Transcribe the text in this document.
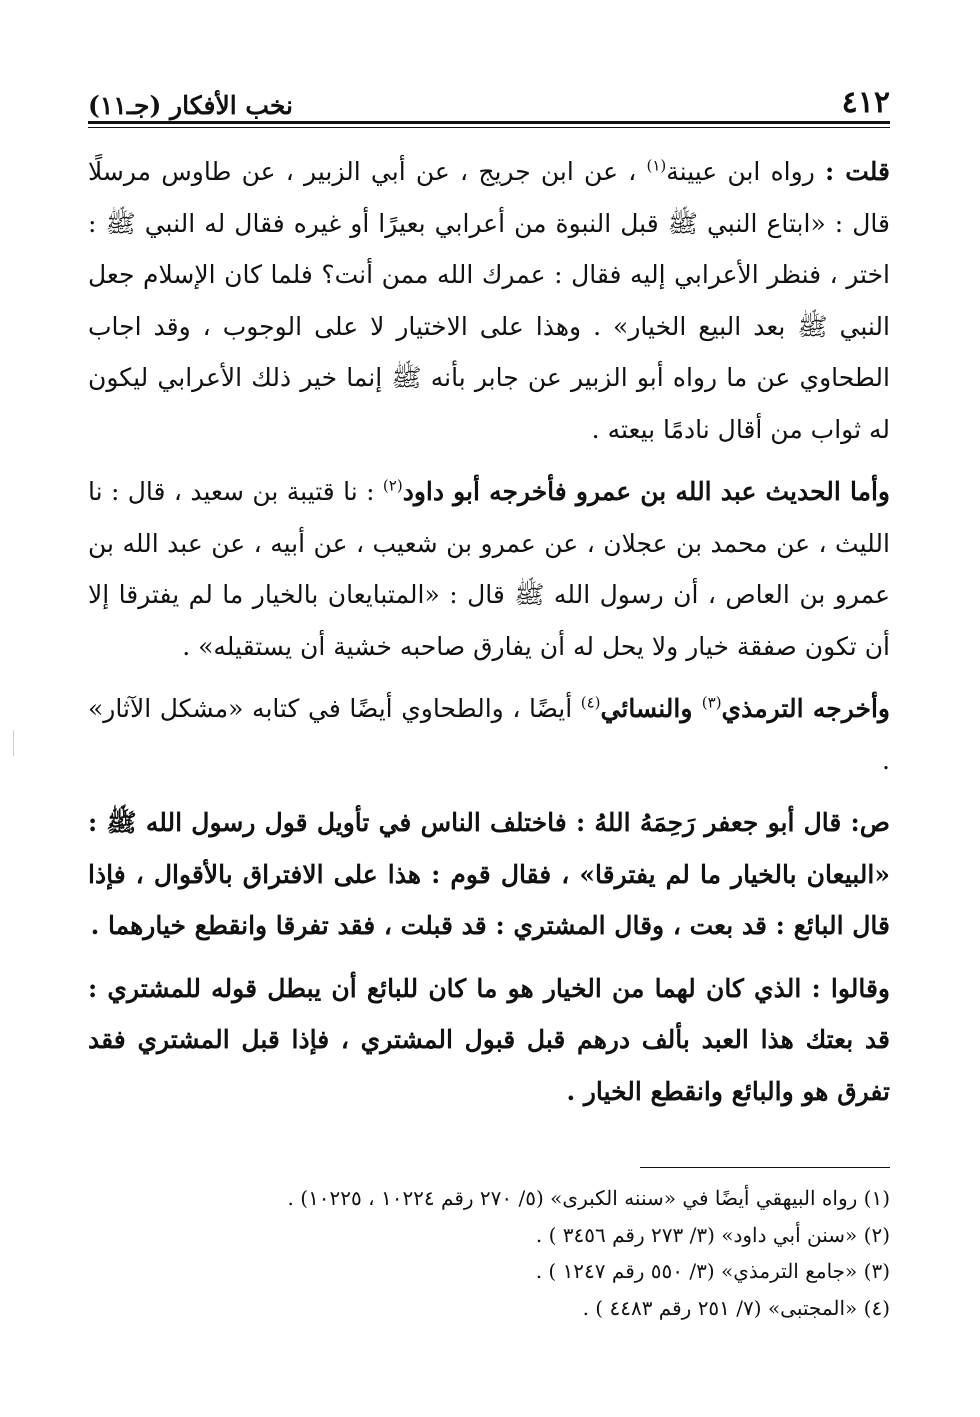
٤١٢
نخب الأفكار (جـ١١)

قلت : رواه ابن عيينة$^{(١)}$ ، عن ابن جريج ، عن أبي الزبير ، عن طاوس مرسلًا قال : «ابتاع النبي ﷺ قبل النبوة من أعرابي بعيرًا أو غيره فقال له النبي ﷺ : اختر ، فنظر الأعرابي إليه فقال : عمرك الله ممن أنت؟ فلما كان الإسلام جعل النبي ﷺ بعد البيع الخيار» . وهذا على الاختيار لا على الوجوب ، وقد اجاب الطحاوي عن ما رواه أبو الزبير عن جابر بأنه ﷺ إنما خير ذلك الأعرابي ليكون له ثواب من أقال نادمًا بيعته .

وأما الحديث عبد الله بن عمرو فأخرجه أبو داود$^{(٢)}$ : نا قتيبة بن سعيد ، قال : نا الليث ، عن محمد بن عجلان ، عن عمرو بن شعيب ، عن أبيه ، عن عبد الله بن عمرو بن العاص ، أن رسول الله ﷺ قال : «المتبايعان بالخيار ما لم يفترقا إلا أن تكون صفقة خيار ولا يحل له أن يفارق صاحبه خشية أن يستقيله» .

وأخرجه الترمذي$^{(٣)}$ والنسائي$^{(٤)}$ أيضًا ، والطحاوي أيضًا في كتابه «مشكل الآثار» .

ص: قال أبو جعفر رَحِمَهُ اللهُ : فاختلف الناس في تأويل قول رسول الله ﷺ : «البيعان بالخيار ما لم يفترقا» ، فقال قوم : هذا على الافتراق بالأقوال ، فإذا قال البائع : قد بعت ، وقال المشتري : قد قبلت ، فقد تفرقا وانقطع خيارهما .

وقالوا : الذي كان لهما من الخيار هو ما كان للبائع أن يبطل قوله للمشتري : قد بعتك هذا العبد بألف درهم قبل قبول المشتري ، فإذا قبل المشتري فقد تفرق هو والبائع وانقطع الخيار .

(١) رواه البيهقي أيضًا في «سننه الكبرى» (٥/ ٢٧٠ رقم ١٠٢٢٤ ، ١٠٢٢٥) .

(٢) «سنن أبي داود» (٣/ ٢٧٣ رقم ٣٤٥٦ ) .

(٣) «جامع الترمذي» (٣/ ٥٥٠ رقم ١٢٤٧ ) .

(٤) «المجتبى» (٧/ ٢٥١ رقم ٤٤٨٣ ) .
